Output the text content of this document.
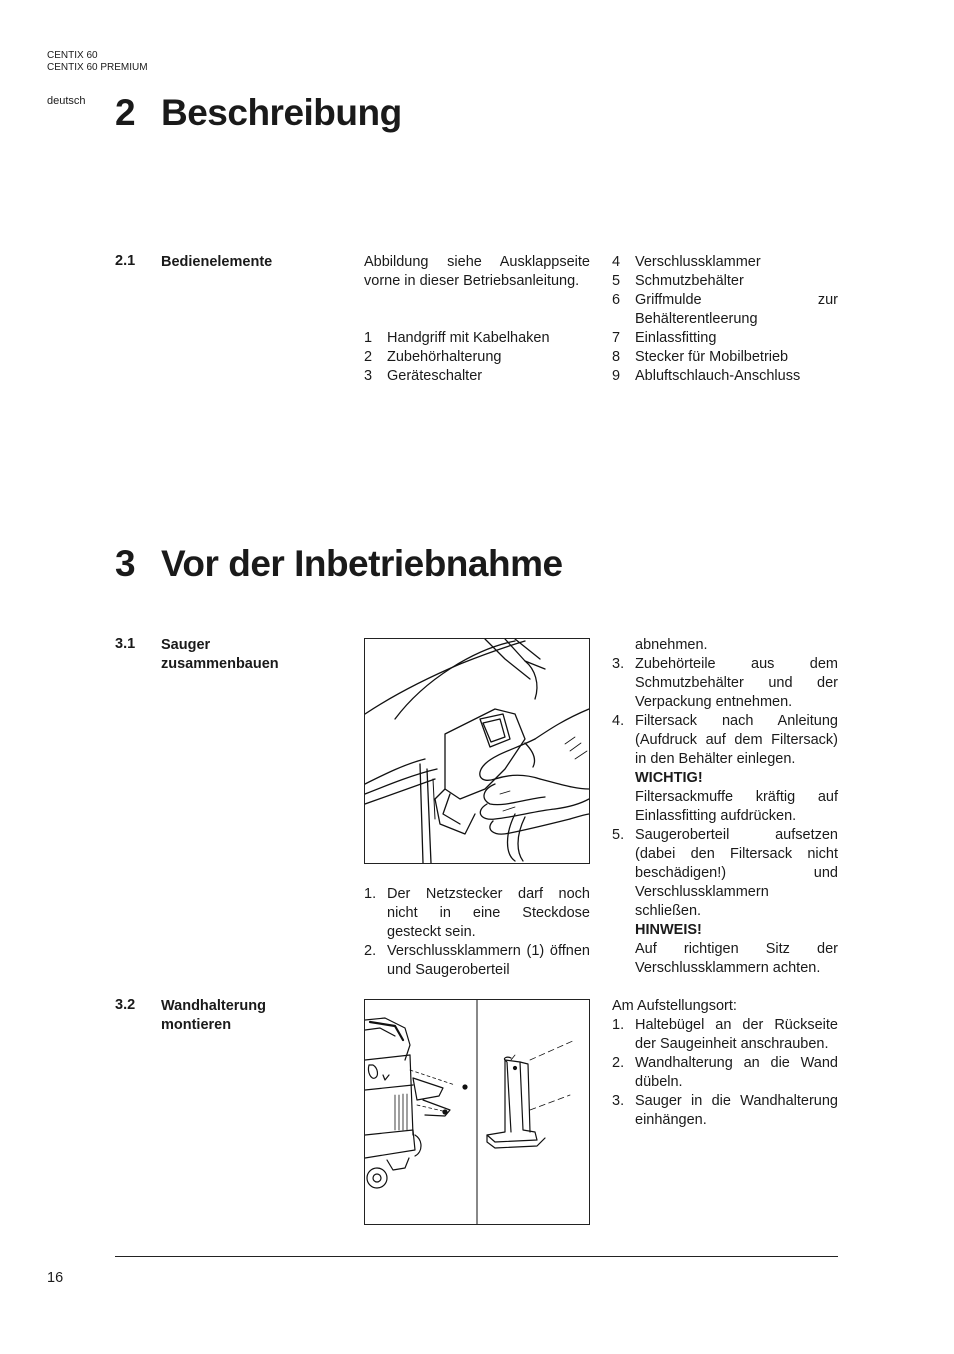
CENTIX 60
CENTIX 60 PREMIUM
deutsch 2 Beschreibung
2.1 Bedienelemente	Abbildung siehe Ausklappseite vorne in dieser Betriebsanleitung.
1	Handgriff mit Kabelhaken
2	Zubehörhalterung
3	Geräteschalter
4	Verschlussklammer
5	Schmutzbehälter
6	Griffmulde zur Behälterentleerung
7	Einlassfitting
8	Stecker für Mobilbetrieb
9	Abluftschlauch-Anschluss
3 Vor der Inbetriebnahme
3.1 Sauger
zusammenbauen
1. Der Netzstecker darf noch nicht in eine Steckdose gesteckt sein.
2. Verschlussklammern (1) öffnen und Saugeroberteil
abnehmen.
3. Zubehörteile aus dem Schmutzbehälter und der Verpackung entnehmen.
4. Filtersack nach Anleitung (Aufdruck auf dem Filtersack) in den Behälter einlegen.
WICHTIG!
Filtersackmuffe kräftig auf Einlassfitting aufdrücken.
5. Saugeroberteil aufsetzen (dabei den Filtersack nicht beschädigen!) und Verschlussklammern schließen.
HINWEIS!
Auf richtigen Sitz der Verschlussklammern achten.
3.2 Wandhalterung
montieren
Am Aufstellungsort:
1. Haltebügel an der Rückseite der Saugeinheit anschrauben.
2. Wandhalterung an die Wand dübeln.
3. Sauger in die Wandhalterung einhängen.
16
